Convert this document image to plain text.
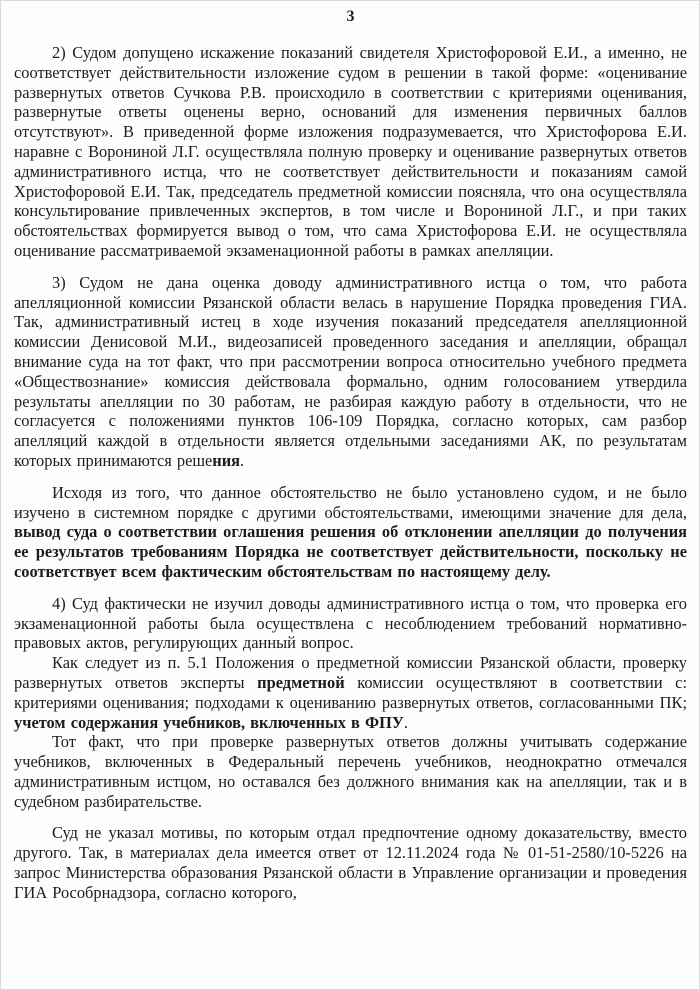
3

2) Судом допущено искажение показаний свидетеля Христофоровой Е.И., а именно, не соответствует действительности изложение судом в решении в такой форме: «оценивание развернутых ответов Сучкова Р.В. происходило в соответствии с критериями оценивания, развернутые ответы оценены верно, оснований для изменения первичных баллов отсутствуют». В приведенной форме изложения подразумевается, что Христофорова Е.И. наравне с Ворониной Л.Г. осуществляла полную проверку и оценивание развернутых ответов административного истца, что не соответствует действительности и показаниям самой Христофоровой Е.И. Так, председатель предметной комиссии поясняла, что она осуществляла консультирование привлеченных экспертов, в том числе и Ворониной Л.Г., и при таких обстоятельствах формируется вывод о том, что сама Христофорова Е.И. не осуществляла оценивание рассматриваемой экзаменационной работы в рамках апелляции.

3) Судом не дана оценка доводу административного истца о том, что работа апелляционной комиссии Рязанской области велась в нарушение Порядка проведения ГИА. Так, административный истец в ходе изучения показаний председателя апелляционной комиссии Денисовой М.И., видеозаписей проведенного заседания и апелляции, обращал внимание суда на тот факт, что при рассмотрении вопроса относительно учебного предмета «Обществознание» комиссия действовала формально, одним голосованием утвердила результаты апелляции по 30 работам, не разбирая каждую работу в отдельности, что не согласуется с положениями пунктов 106-109 Порядка, согласно которых, сам разбор апелляций каждой в отдельности является отдельными заседаниями АК, по результатам которых принимаются решения.

Исходя из того, что данное обстоятельство не было установлено судом, и не было изучено в системном порядке с другими обстоятельствами, имеющими значение для дела, вывод суда о соответствии оглашения решения об отклонении апелляции до получения ее результатов требованиям Порядка не соответствует действительности, поскольку не соответствует всем фактическим обстоятельствам по настоящему делу.

4) Суд фактически не изучил доводы административного истца о том, что проверка его экзаменационной работы была осуществлена с несоблюдением требований нормативно-правовых актов, регулирующих данный вопрос.

Как следует из п. 5.1 Положения о предметной комиссии Рязанской области, проверку развернутых ответов эксперты предметной комиссии осуществляют в соответствии с: критериями оценивания; подходами к оцениванию развернутых ответов, согласованными ПК; учетом содержания учебников, включенных в ФПУ.

Тот факт, что при проверке развернутых ответов должны учитывать содержание учебников, включенных в Федеральный перечень учебников, неоднократно отмечался административным истцом, но оставался без должного внимания как на апелляции, так и в судебном разбирательстве.

Суд не указал мотивы, по которым отдал предпочтение одному доказательству, вместо другого. Так, в материалах дела имеется ответ от 12.11.2024 года № 01-51-2580/10-5226 на запрос Министерства образования Рязанской области в Управление организации и проведения ГИА Рособрнадзора, согласно которого,
